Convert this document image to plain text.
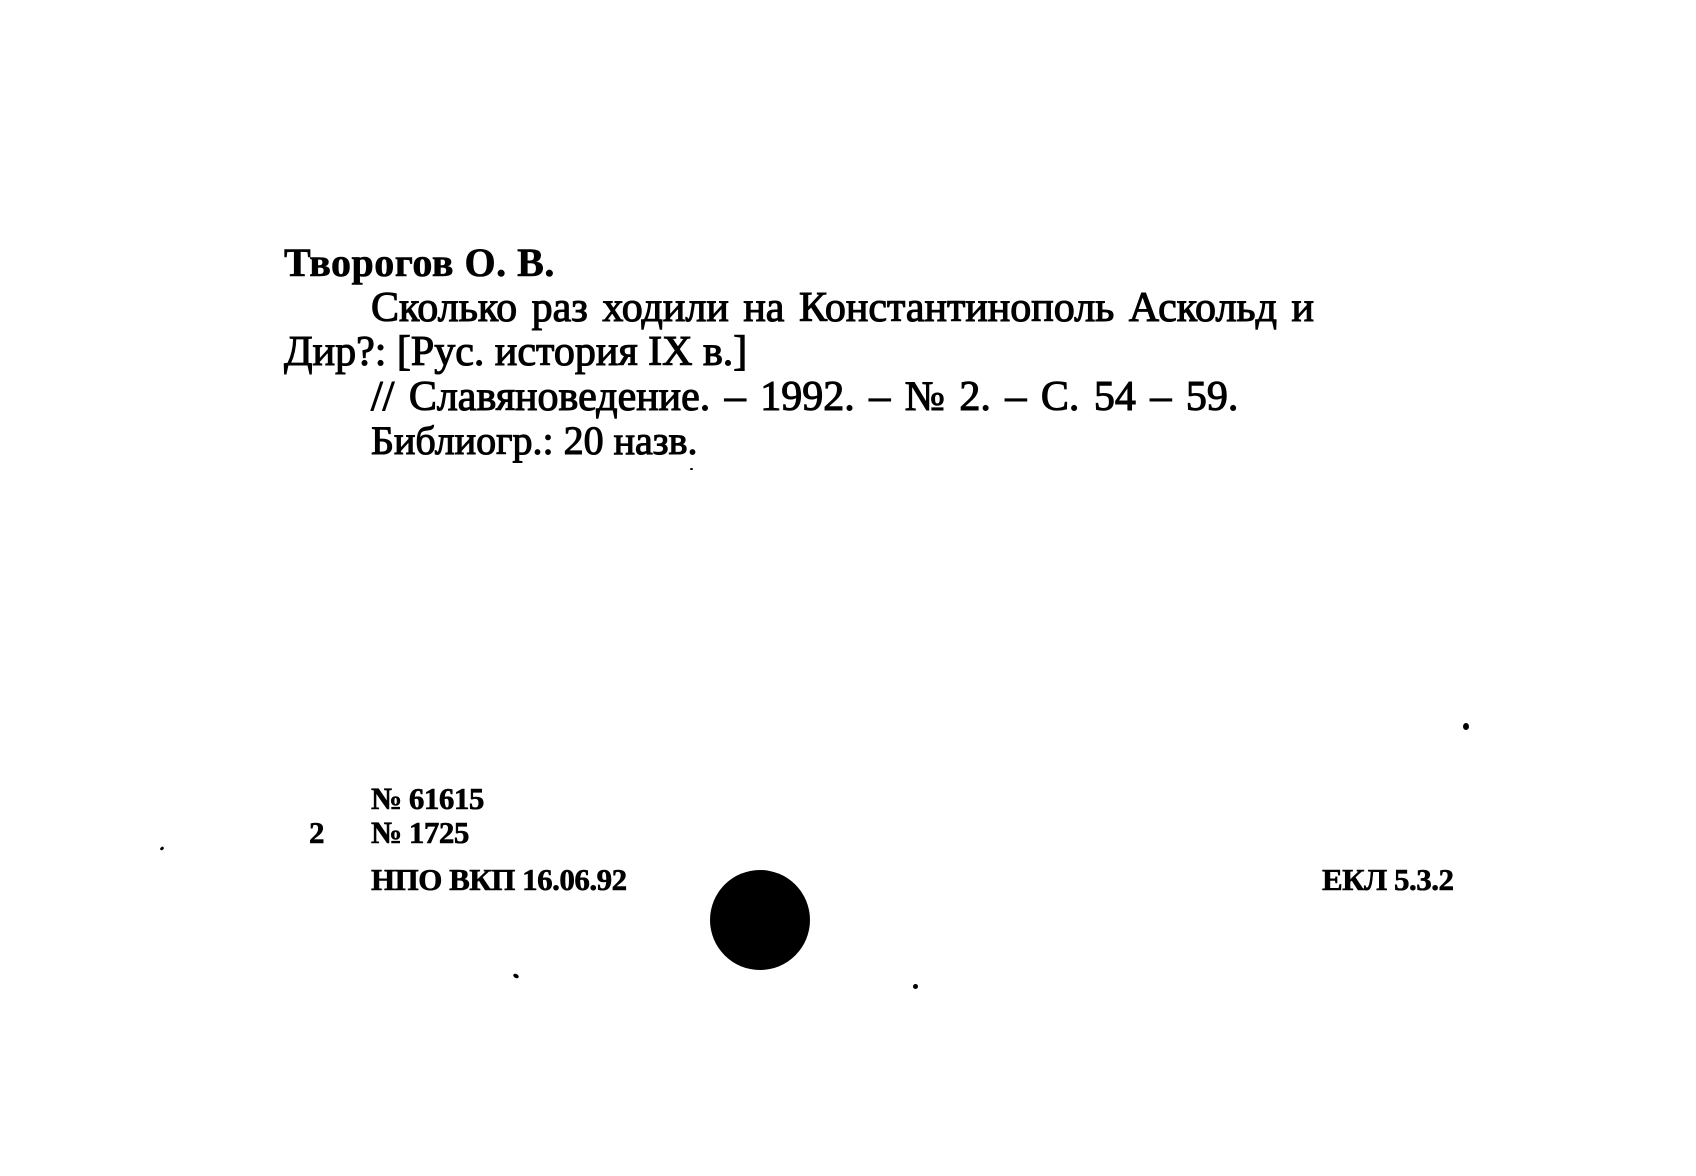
Творогов О. В.
Сколько раз ходили на Константинополь Аскольд и
Дир?: [Рус. история IX в.]
// Славяноведение. – 1992. – № 2. – С. 54 – 59.
Библиогр.: 20 назв.
№ 61615
2 № 1725
НПО ВКП 16.06.92	ЕКЛ 5.3.2
